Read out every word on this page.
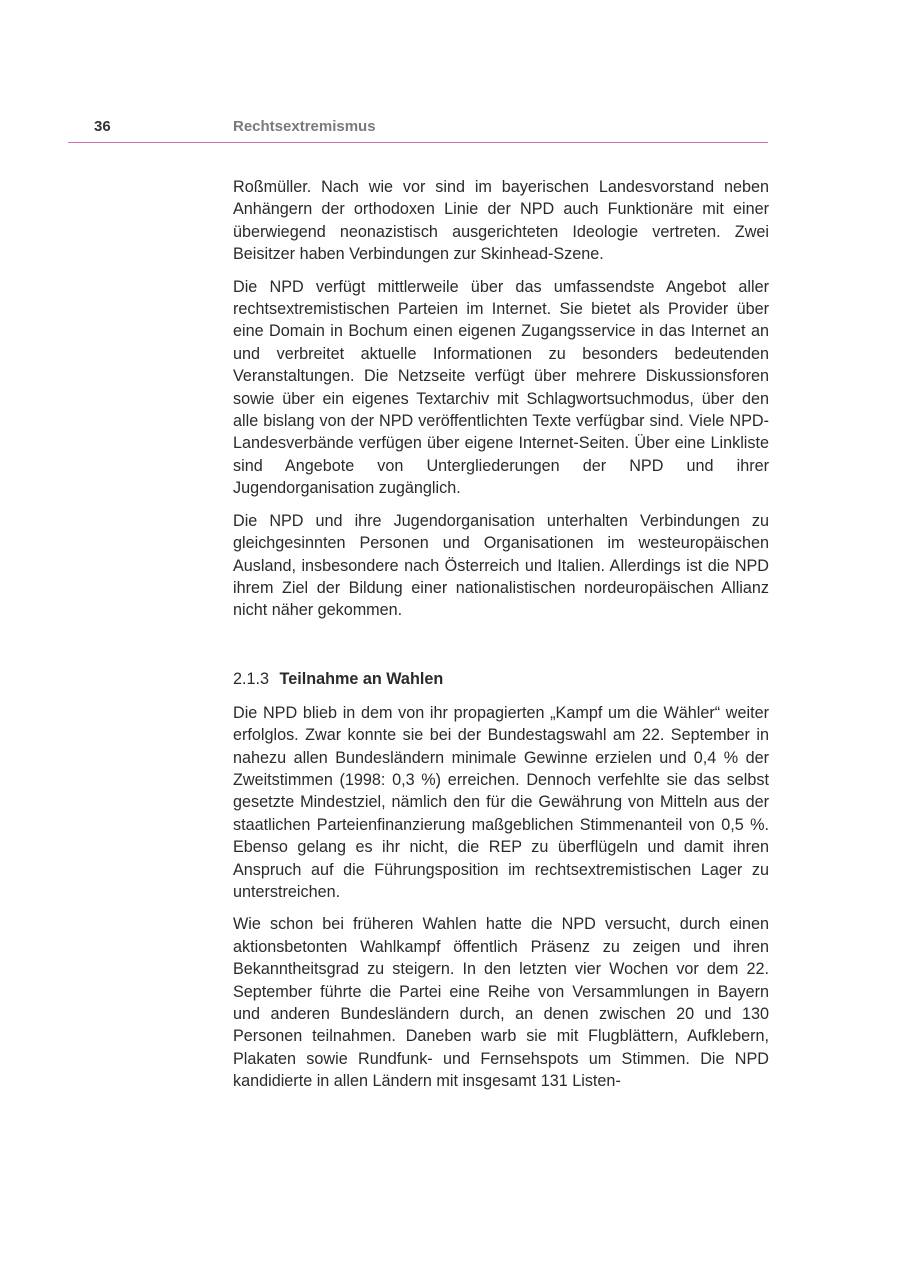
36	Rechtsextremismus

Roßmüller. Nach wie vor sind im bayerischen Landesvorstand neben Anhängern der orthodoxen Linie der NPD auch Funktionäre mit einer überwiegend neonazistisch ausgerichteten Ideologie vertreten. Zwei Beisitzer haben Verbindungen zur Skinhead-Szene.

Die NPD verfügt mittlerweile über das umfassendste Angebot aller rechtsextremistischen Parteien im Internet. Sie bietet als Provider über eine Domain in Bochum einen eigenen Zugangsservice in das Internet an und verbreitet aktuelle Informationen zu besonders bedeutenden Veranstaltungen. Die Netzseite verfügt über mehrere Diskussionsforen sowie über ein eigenes Textarchiv mit Schlagwortsuchmodus, über den alle bislang von der NPD veröffentlichten Texte verfügbar sind. Viele NPD-Landesverbände verfügen über eigene Internet-Seiten. Über eine Linkliste sind Angebote von Untergliederungen der NPD und ihrer Jugendorganisation zugänglich.

Die NPD und ihre Jugendorganisation unterhalten Verbindungen zu gleichgesinnten Personen und Organisationen im westeuropäischen Ausland, insbesondere nach Österreich und Italien. Allerdings ist die NPD ihrem Ziel der Bildung einer nationalistischen nordeuropäischen Allianz nicht näher gekommen.

2.1.3 Teilnahme an Wahlen

Die NPD blieb in dem von ihr propagierten „Kampf um die Wähler“ weiter erfolglos. Zwar konnte sie bei der Bundestagswahl am 22. September in nahezu allen Bundesländern minimale Gewinne erzielen und 0,4 % der Zweitstimmen (1998: 0,3 %) erreichen. Dennoch verfehlte sie das selbst gesetzte Mindestziel, nämlich den für die Gewährung von Mitteln aus der staatlichen Parteienfinanzierung maßgeblichen Stimmenanteil von 0,5 %. Ebenso gelang es ihr nicht, die REP zu überflügeln und damit ihren Anspruch auf die Führungsposition im rechtsextremistischen Lager zu unterstreichen.

Wie schon bei früheren Wahlen hatte die NPD versucht, durch einen aktionsbetonten Wahlkampf öffentlich Präsenz zu zeigen und ihren Bekanntheitsgrad zu steigern. In den letzten vier Wochen vor dem 22. September führte die Partei eine Reihe von Versammlungen in Bayern und anderen Bundesländern durch, an denen zwischen 20 und 130 Personen teilnahmen. Daneben warb sie mit Flugblättern, Aufklebern, Plakaten sowie Rundfunk- und Fernsehspots um Stimmen. Die NPD kandidierte in allen Ländern mit insgesamt 131 Listen-
